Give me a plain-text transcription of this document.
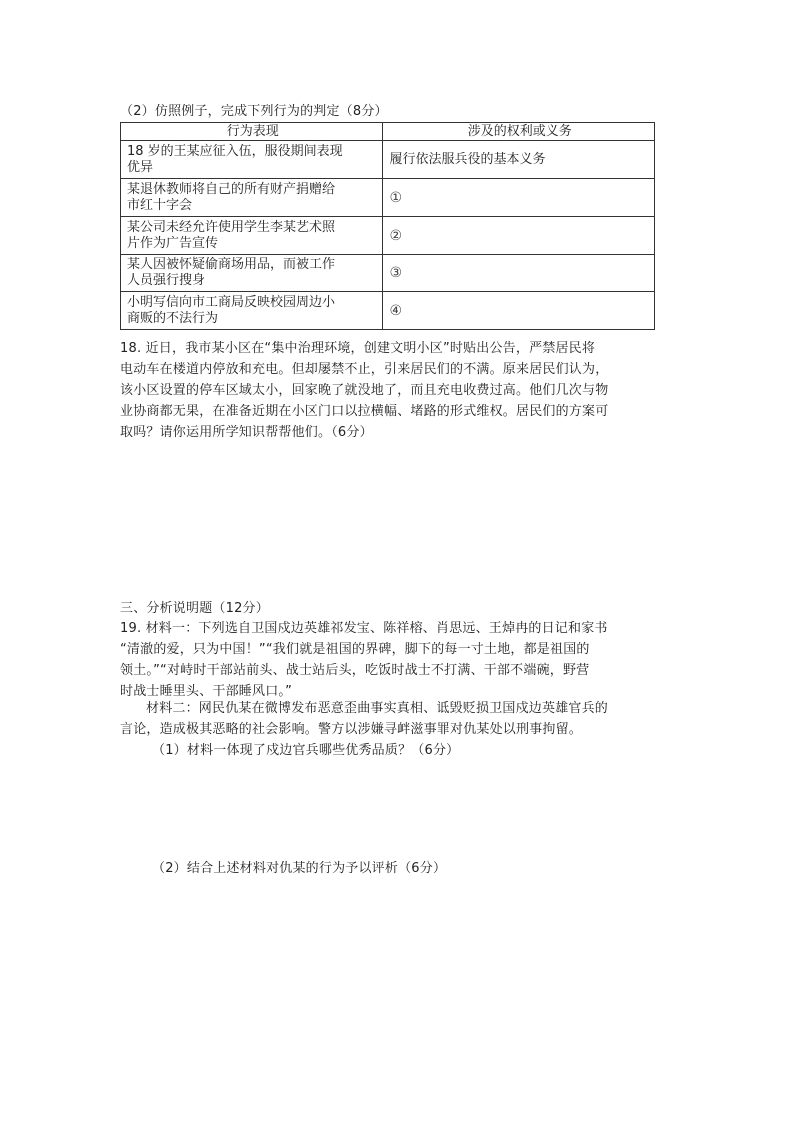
（2）仿照例子，完成下列行为的判定（8分）
行为表现	涉及的权利或义务

18 岁的王某应征入伍，服役期间表现
优异	履行依法服兵役的基本义务

某退休教师将自己的所有财产捐赠给
市红十字会	①

某公司未经允许使用学生李某艺术照
片作为广告宣传	②

某人因被怀疑偷商场用品，而被工作
人员强行搜身	③

小明写信向市工商局反映校园周边小
商贩的不法行为	④
18. 近日，我市某小区在“集中治理环境，创建文明小区”时贴出公告，严禁居民将
电动车在楼道内停放和充电。但却屡禁不止，引来居民们的不满。原来居民们认为，
该小区设置的停车区域太小，回家晚了就没地了，而且充电收费过高。他们几次与物
业协商都无果，在准备近期在小区门口以拉横幅、堵路的形式维权。居民们的方案可
取吗？请你运用所学知识帮帮他们。（6分）
三、分析说明题（12分）
19. 材料一：下列选自卫国戍边英雄祁发宝、陈祥榕、肖思远、王焯冉的日记和家书
“清澈的爱，只为中国！”“我们就是祖国的界碑，脚下的每一寸土地，都是祖国的
领土。”“对峙时干部站前头、战士站后头，吃饭时战士不打满、干部不端碗，野营
时战士睡里头、干部睡风口。”
材料二：网民仇某在微博发布恶意歪曲事实真相、诋毁贬损卫国戍边英雄官兵的
言论，造成极其恶略的社会影响。警方以涉嫌寻衅滋事罪对仇某处以刑事拘留。
（1）材料一体现了戍边官兵哪些优秀品质？（6分）
（2）结合上述材料对仇某的行为予以评析（6分）
